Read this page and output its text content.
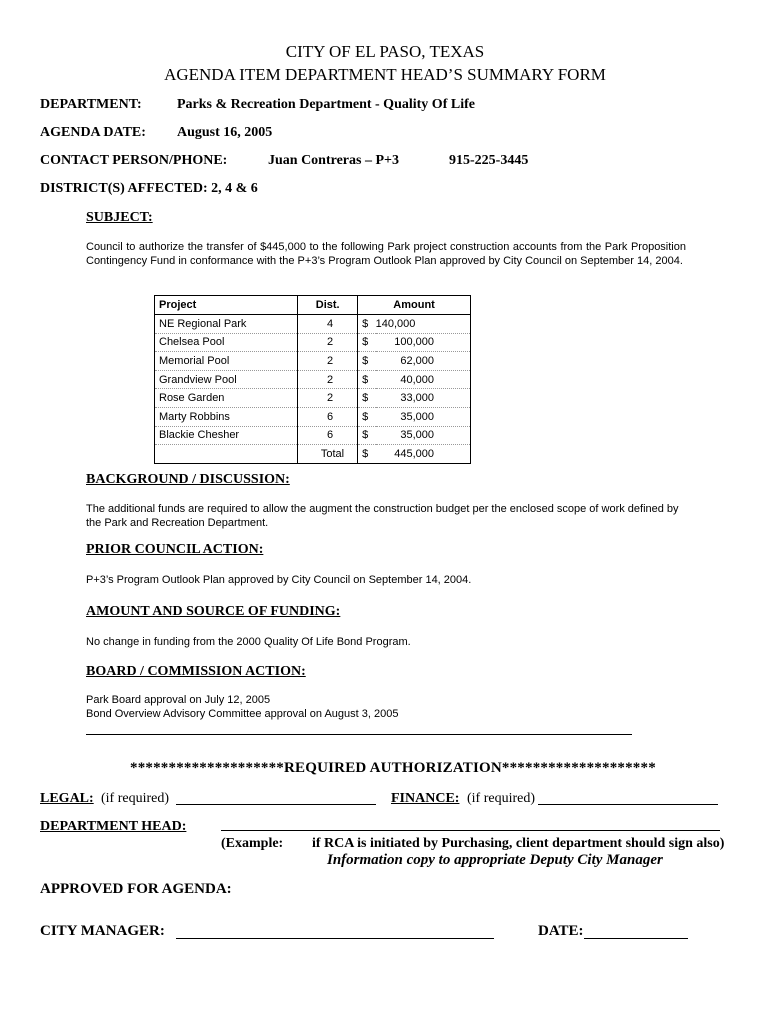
CITY OF EL PASO, TEXAS
AGENDA ITEM DEPARTMENT HEAD’S SUMMARY FORM
DEPARTMENT:	Parks & Recreation Department - Quality Of Life
AGENDA DATE: August 16, 2005
CONTACT PERSON/PHONE:	Juan Contreras – P+3	915-225-3445
DISTRICT(S) AFFECTED: 2, 4 & 6
SUBJECT:
Council to authorize the transfer of $445,000 to the following Park project construction accounts from the Park Proposition Contingency Fund in conformance with the P+3’s Program Outlook Plan approved by City Council on September 14, 2004.
Project	Dist.	Amount	
NE Regional Park	4	$	140,000
Chelsea Pool	2	$	100,000
Memorial Pool	2	$	62,000
Grandview Pool	2	$	40,000
Rose Garden	2	$	33,000
Marty Robbins	6	$	35,000
Blackie Chesher	6	$	35,000
	Total	$	445,000
BACKGROUND / DISCUSSION:
The additional funds are required to allow the augment the construction budget per the enclosed scope of work defined by the Park and Recreation Department.
PRIOR COUNCIL ACTION:
P+3’s Program Outlook Plan approved by City Council on September 14, 2004.
AMOUNT AND SOURCE OF FUNDING:
No change in funding from the 2000 Quality Of Life Bond Program.
BOARD / COMMISSION ACTION:
Park Board approval on July 12, 2005
Bond Overview Advisory Committee approval on August 3, 2005
********************REQUIRED AUTHORIZATION********************
LEGAL: (if required)	FINANCE: (if required)
DEPARTMENT HEAD:
(Example: if RCA is initiated by Purchasing, client department should sign also)
Information copy to appropriate Deputy City Manager
APPROVED FOR AGENDA:
CITY MANAGER:	DATE:
